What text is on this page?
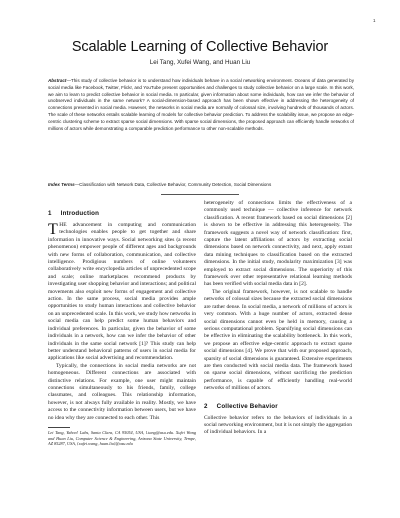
1
Scalable Learning of Collective Behavior
Lei Tang, Xufei Wang, and Huan Liu

Abstract—This study of collective behavior is to understand how individuals behave in a social networking environment. Oceans of data generated by social media like Facebook, Twitter, Flickr, and YouTube present opportunities and challenges to study collective behavior on a large scale. In this work, we aim to learn to predict collective behavior in social media. In particular, given information about some individuals, how can we infer the behavior of unobserved individuals in the same network? A social-dimension-based approach has been shown effective in addressing the heterogeneity of connections presented in social media. However, the networks in social media are normally of colossal size, involving hundreds of thousands of actors. The scale of these networks entails scalable learning of models for collective behavior prediction. To address the scalability issue, we propose an edge-centric clustering scheme to extract sparse social dimensions. With sparse social dimensions, the proposed approach can efficiently handle networks of millions of actors while demonstrating a comparable prediction performance to other non-scalable methods.

Index Terms—Classification with Network Data, Collective Behavior, Community Detection, Social Dimensions

1 Introduction

THE advancement in computing and communication technologies enables people to get together and share information in innovative ways. Social networking sites (a recent phenomenon) empower people of different ages and backgrounds with new forms of collaboration, communication, and collective intelligence. Prodigious numbers of online volunteers collaboratively write encyclopedia articles of unprecedented scope and scale; online marketplaces recommend products by investigating user shopping behavior and interactions; and political movements also exploit new forms of engagement and collective action. In the same process, social media provides ample opportunities to study human interactions and collective behavior on an unprecedented scale. In this work, we study how networks in social media can help predict some human behaviors and individual preferences. In particular, given the behavior of some individuals in a network, how can we infer the behavior of other individuals in the same social network [1]? This study can help better understand behavioral patterns of users in social media for applications like social advertising and recommendation.

Typically, the connections in social media networks are not homogeneous. Different connections are associated with distinctive relations. For example, one user might maintain connections simultaneously to his friends, family, college classmates, and colleagues. This relationship information, however, is not always fully available in reality. Mostly, we have access to the connectivity information between users, but we have no idea why they are connected to each other. This

Lei Tang, Yahoo! Labs, Santa Clara, CA 95054, USA, l.tang@asu.edu. Xufei Wang and Huan Liu, Computer Science & Engineering, Arizona State University, Tempe, AZ 85287, USA, {xufei.wang, huan.liu}@asu.edu

heterogeneity of connections limits the effectiveness of a commonly used technique — collective inference for network classification. A recent framework based on social dimensions [2] is shown to be effective in addressing this heterogeneity. The framework suggests a novel way of network classification: first, capture the latent affiliations of actors by extracting social dimensions based on network connectivity, and next, apply extant data mining techniques to classification based on the extracted dimensions. In the initial study, modularity maximization [3] was employed to extract social dimensions. The superiority of this framework over other representative relational learning methods has been verified with social media data in [2].

The original framework, however, is not scalable to handle networks of colossal sizes because the extracted social dimensions are rather dense. In social media, a network of millions of actors is very common. With a huge number of actors, extracted dense social dimensions cannot even be held in memory, causing a serious computational problem. Sparsifying social dimensions can be effective in eliminating the scalability bottleneck. In this work, we propose an effective edge-centric approach to extract sparse social dimensions [4]. We prove that with our proposed approach, sparsity of social dimensions is guaranteed. Extensive experiments are then conducted with social media data. The framework based on sparse social dimensions, without sacrificing the prediction performance, is capable of efficiently handling real-world networks of millions of actors.

2 Collective Behavior

Collective behavior refers to the behaviors of individuals in a social networking environment, but it is not simply the aggregation of individual behaviors. In a
